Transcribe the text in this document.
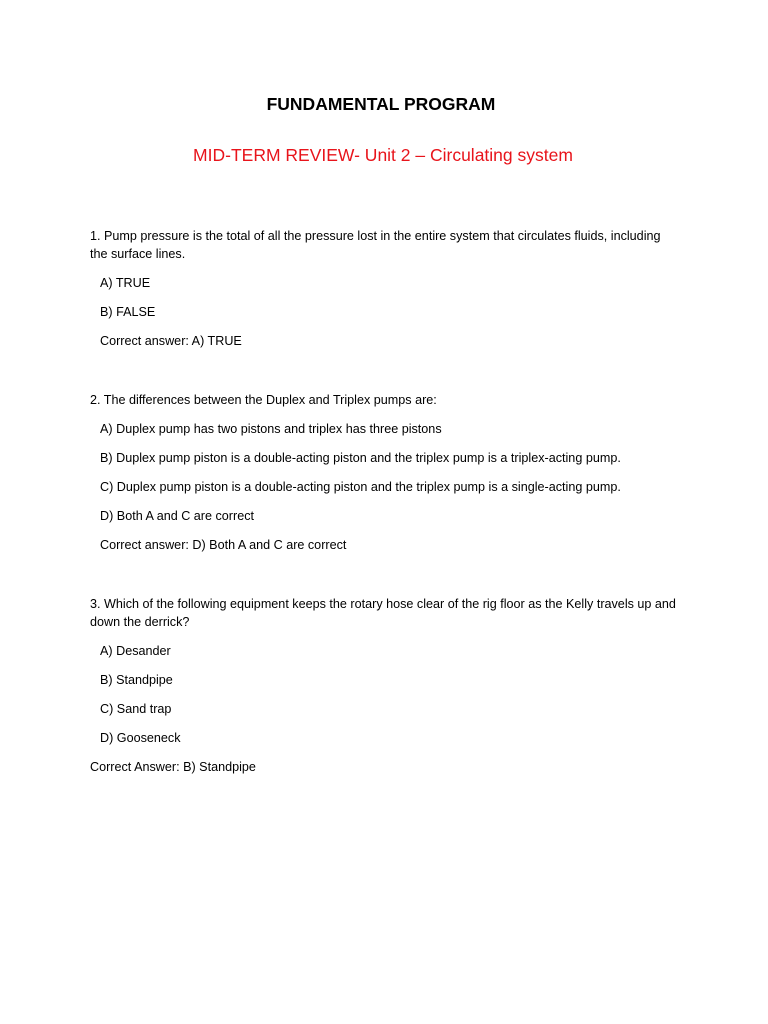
FUNDAMENTAL PROGRAM
MID-TERM REVIEW- Unit 2 – Circulating system
1. Pump pressure is the total of all the pressure lost in the entire system that circulates fluids, including the surface lines.
A) TRUE
B) FALSE
Correct answer: A) TRUE
2. The differences between the Duplex and Triplex pumps are:
A) Duplex pump has two pistons and triplex has three pistons
B) Duplex pump piston is a double-acting piston and the triplex pump is a triplex-acting pump.
C) Duplex pump piston is a double-acting piston and the triplex pump is a single-acting pump.
D) Both A and C are correct
Correct answer: D) Both A and C are correct
3. Which of the following equipment keeps the rotary hose clear of the rig floor as the Kelly travels up and down the derrick?
A) Desander
B) Standpipe
C) Sand trap
D) Gooseneck
Correct Answer: B) Standpipe
